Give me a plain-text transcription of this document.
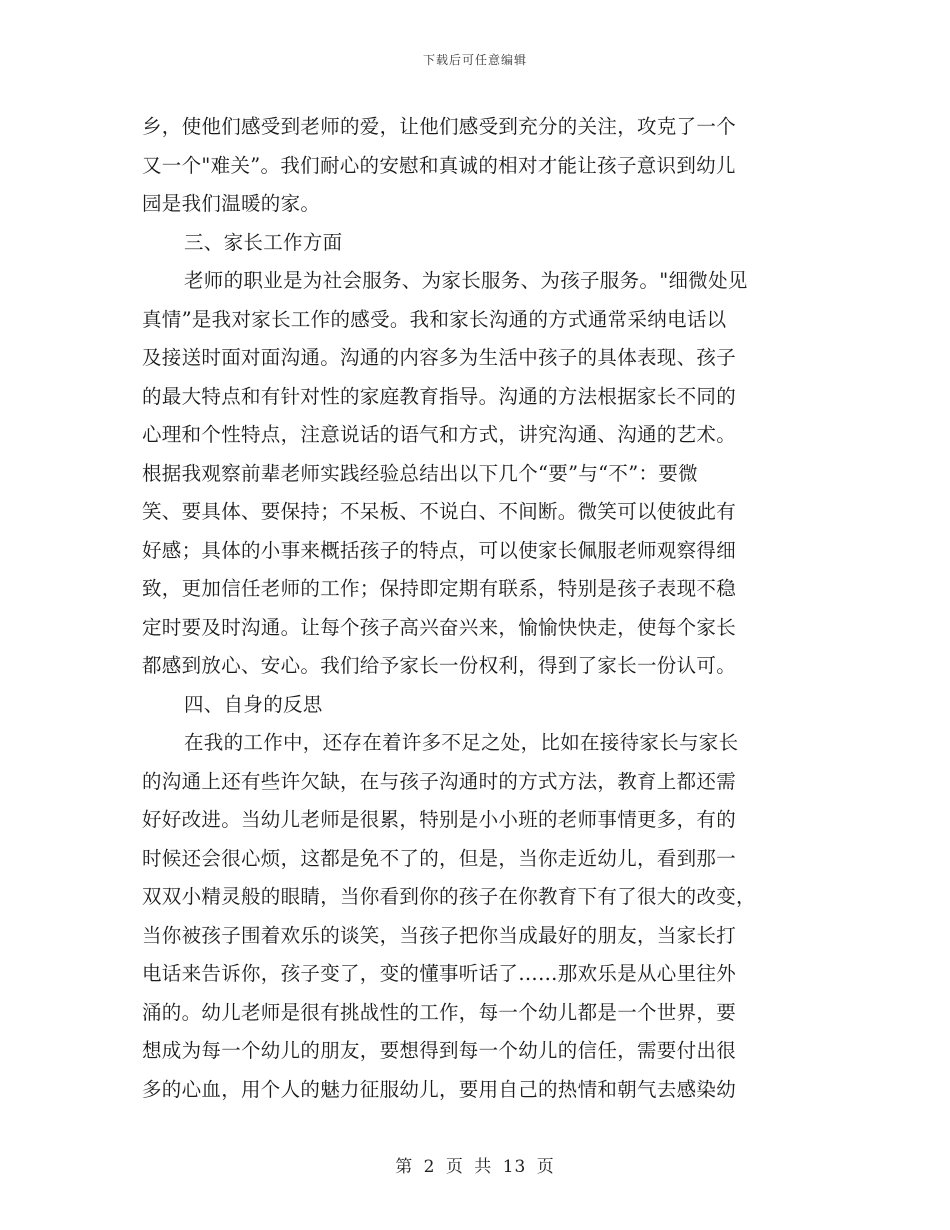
下载后可任意编辑
乡，使他们感受到老师的爱，让他们感受到充分的关注，攻克了一个
又一个"难关”。我们耐心的安慰和真诚的相对才能让孩子意识到幼儿
园是我们温暖的家。
三、家长工作方面
老师的职业是为社会服务、为家长服务、为孩子服务。"细微处见
真情”是我对家长工作的感受。我和家长沟通的方式通常采纳电话以
及接送时面对面沟通。沟通的内容多为生活中孩子的具体表现、孩子
的最大特点和有针对性的家庭教育指导。沟通的方法根据家长不同的
心理和个性特点，注意说话的语气和方式，讲究沟通、沟通的艺术。
根据我观察前辈老师实践经验总结出以下几个“要”与“不”：要微
笑、要具体、要保持；不呆板、不说白、不间断。微笑可以使彼此有
好感；具体的小事来概括孩子的特点，可以使家长佩服老师观察得细
致，更加信任老师的工作；保持即定期有联系，特别是孩子表现不稳
定时要及时沟通。让每个孩子高兴奋兴来，愉愉快快走，使每个家长
都感到放心、安心。我们给予家长一份权利，得到了家长一份认可。
四、自身的反思
在我的工作中，还存在着许多不足之处，比如在接待家长与家长
的沟通上还有些许欠缺，在与孩子沟通时的方式方法，教育上都还需
好好改进。当幼儿老师是很累，特别是小小班的老师事情更多，有的
时候还会很心烦，这都是免不了的，但是，当你走近幼儿，看到那一
双双小精灵般的眼睛，当你看到你的孩子在你教育下有了很大的改变，
当你被孩子围着欢乐的谈笑，当孩子把你当成最好的朋友，当家长打
电话来告诉你，孩子变了，变的懂事听话了……那欢乐是从心里往外
涌的。幼儿老师是很有挑战性的工作，每一个幼儿都是一个世界，要
想成为每一个幼儿的朋友，要想得到每一个幼儿的信任，需要付出很
多的心血，用个人的魅力征服幼儿，要用自己的热情和朝气去感染幼
第 2 页 共 13 页
